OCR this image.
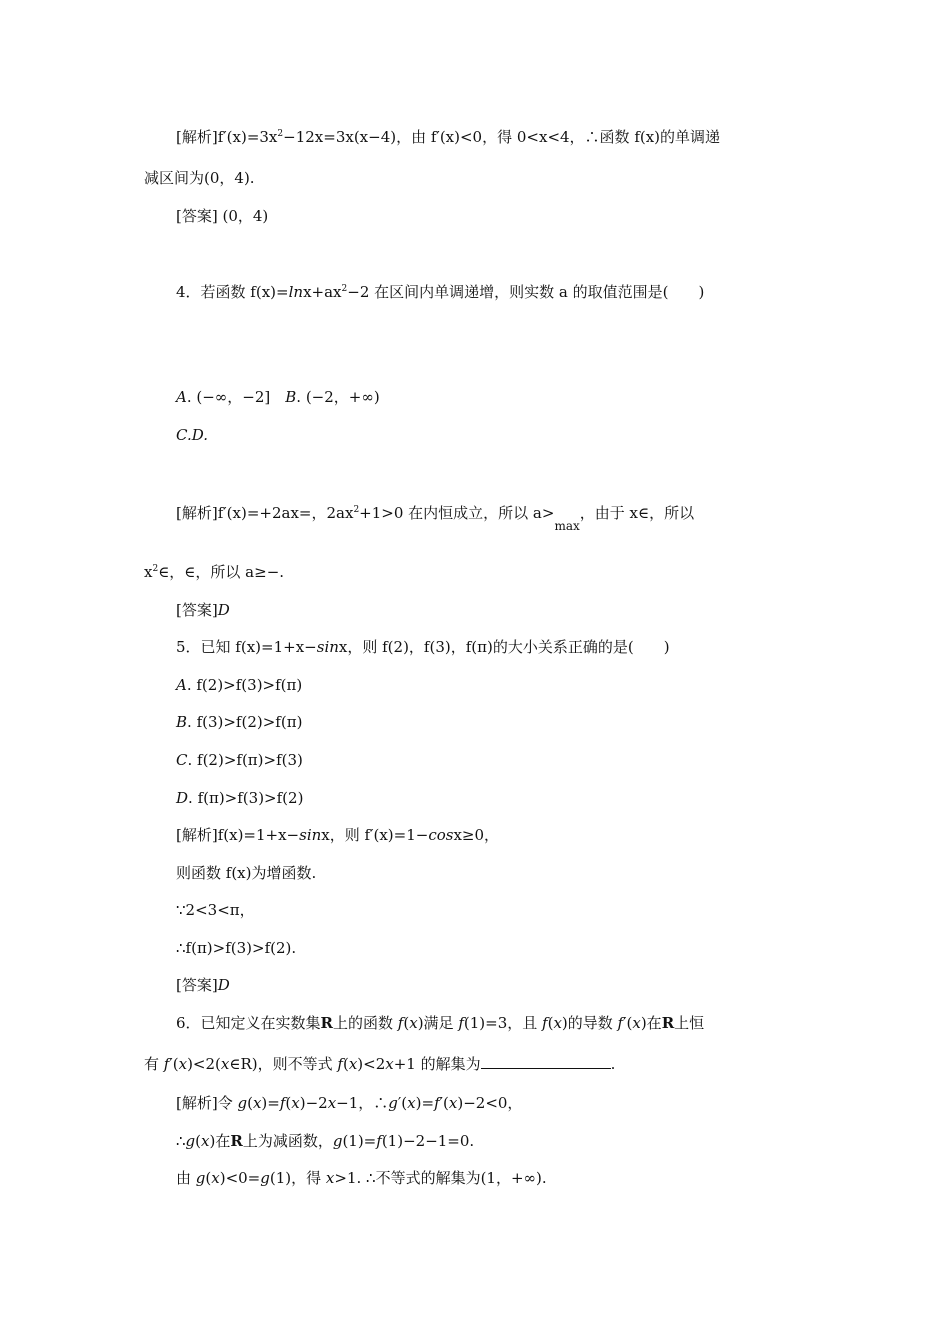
[解析]$f'(x)=3x^2-12x=3x(x-4)$，由 f′(x)<0，得 0<x<4，∴函数 f(x)的单调递
减区间为(0，4).
[答案] (0，4)
4．若函数 $f(x)=\ln x+ax^2-2$ 在区间内单调递增，则实数 a 的取值范围是(　　)
A. (−∞，−2]　B. (−2，+∞)
C.D.
[解析]f′(x)=+2ax=，$2ax^2+1>0$ 在内恒成立，所以 $a>_{max}$，由于 x∈，所以
$x^2\in$，∈，所以 a≥−.
[答案]D
5．已知 f(x)=1+x−sinx，则 f(2)，f(3)，f(π)的大小关系正确的是(　　)
A. f(2)>f(3)>f(π)
B. f(3)>f(2)>f(π)
C. f(2)>f(π)>f(3)
D. f(π)>f(3)>f(2)
[解析]f(x)=1+x−sinx，则 f′(x)=1−cosx≥0，
则函数 f(x)为增函数.
∵2<3<π，
∴f(π)>f(3)>f(2).
[答案]D
6．已知定义在实数集R上的函数 f(x)满足 f(1)=3，且 f(x)的导数 f′(x)在R上恒
有 f′(x)<2(x∈R)，则不等式 f(x)<2x+1 的解集为	.
[解析]令 g(x)=f(x)−2x−1，∴g′(x)=f′(x)−2<0，
∴g(x)在R上为减函数，g(1)=f(1)−2−1=0.
由 g(x)<0=g(1)，得 x>1. ∴不等式的解集为(1，+∞).
